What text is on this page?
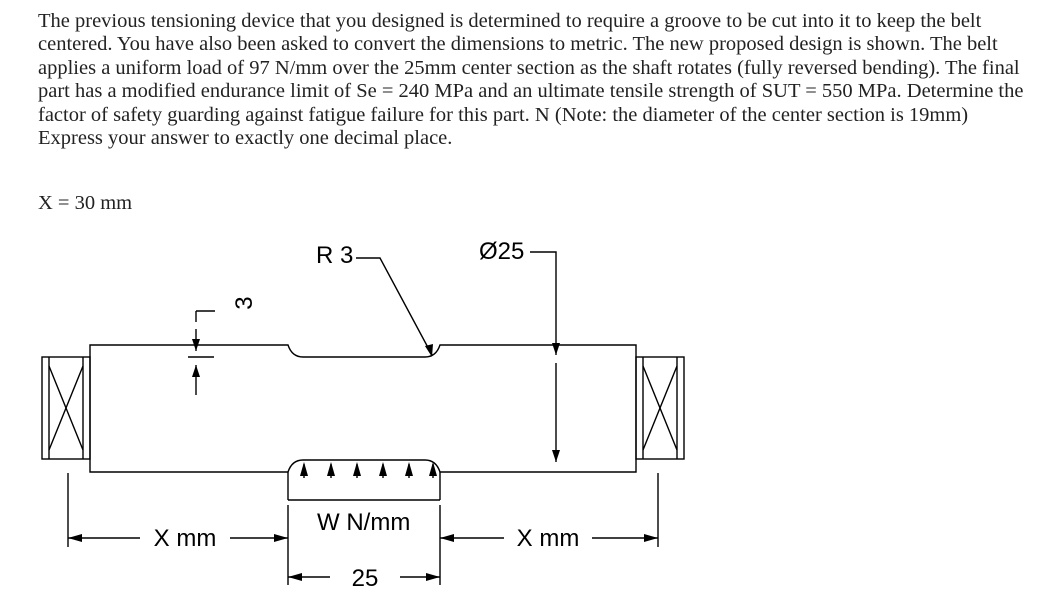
The previous tensioning device that you designed is determined to require a groove to be cut into it to keep the belt centered. You have also been asked to convert the dimensions to metric. The new proposed design is shown. The belt applies a uniform load of 97 N/mm over the 25mm center section as the shaft rotates (fully reversed bending). The final part has a modified endurance limit of Se = 240 MPa and an ultimate tensile strength of SUT = 550 MPa. Determine the factor of safety guarding against fatigue failure for this part. N (Note: the diameter of the center section is 19mm) Express your answer to exactly one decimal place.

X = 30 mm
R 3	Ø25
3
W N/mm
X mm	X mm
25
